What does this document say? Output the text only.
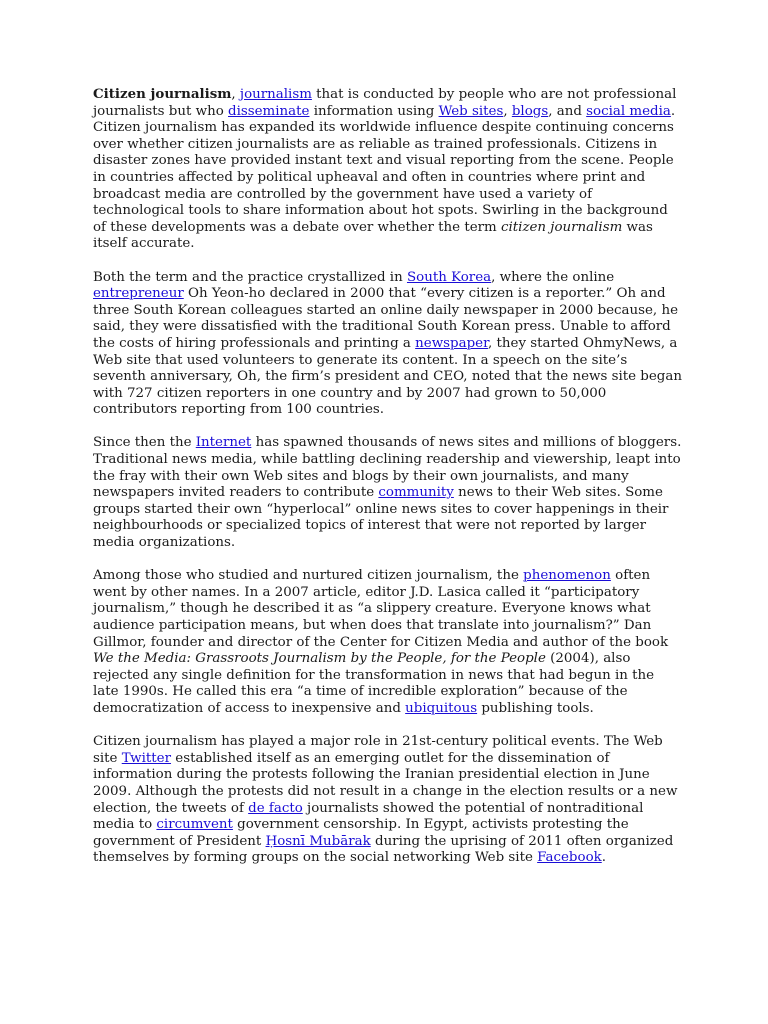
Citizen journalism, journalism that is conducted by people who are not professional journalists but who disseminate information using Web sites, blogs, and social media. Citizen journalism has expanded its worldwide influence despite continuing concerns over whether citizen journalists are as reliable as trained professionals. Citizens in disaster zones have provided instant text and visual reporting from the scene. People in countries affected by political upheaval and often in countries where print and broadcast media are controlled by the government have used a variety of technological tools to share information about hot spots. Swirling in the background of these developments was a debate over whether the term citizen journalism was itself accurate.

Both the term and the practice crystallized in South Korea, where the online entrepreneur Oh Yeon-ho declared in 2000 that “every citizen is a reporter.” Oh and three South Korean colleagues started an online daily newspaper in 2000 because, he said, they were dissatisfied with the traditional South Korean press. Unable to afford the costs of hiring professionals and printing a newspaper, they started OhmyNews, a Web site that used volunteers to generate its content. In a speech on the site’s seventh anniversary, Oh, the firm’s president and CEO, noted that the news site began with 727 citizen reporters in one country and by 2007 had grown to 50,000 contributors reporting from 100 countries.

Since then the Internet has spawned thousands of news sites and millions of bloggers. Traditional news media, while battling declining readership and viewership, leapt into the fray with their own Web sites and blogs by their own journalists, and many newspapers invited readers to contribute community news to their Web sites. Some groups started their own “hyperlocal” online news sites to cover happenings in their neighbourhoods or specialized topics of interest that were not reported by larger media organizations.

Among those who studied and nurtured citizen journalism, the phenomenon often went by other names. In a 2007 article, editor J.D. Lasica called it “participatory journalism,” though he described it as “a slippery creature. Everyone knows what audience participation means, but when does that translate into journalism?” Dan Gillmor, founder and director of the Center for Citizen Media and author of the book We the Media: Grassroots Journalism by the People, for the People (2004), also rejected any single definition for the transformation in news that had begun in the late 1990s. He called this era “a time of incredible exploration” because of the democratization of access to inexpensive and ubiquitous publishing tools.

Citizen journalism has played a major role in 21st-century political events. The Web site Twitter established itself as an emerging outlet for the dissemination of information during the protests following the Iranian presidential election in June 2009. Although the protests did not result in a change in the election results or a new election, the tweets of de facto journalists showed the potential of nontraditional media to circumvent government censorship. In Egypt, activists protesting the government of President Ḥosnī Mubārak during the uprising of 2011 often organized themselves by forming groups on the social networking Web site Facebook.
